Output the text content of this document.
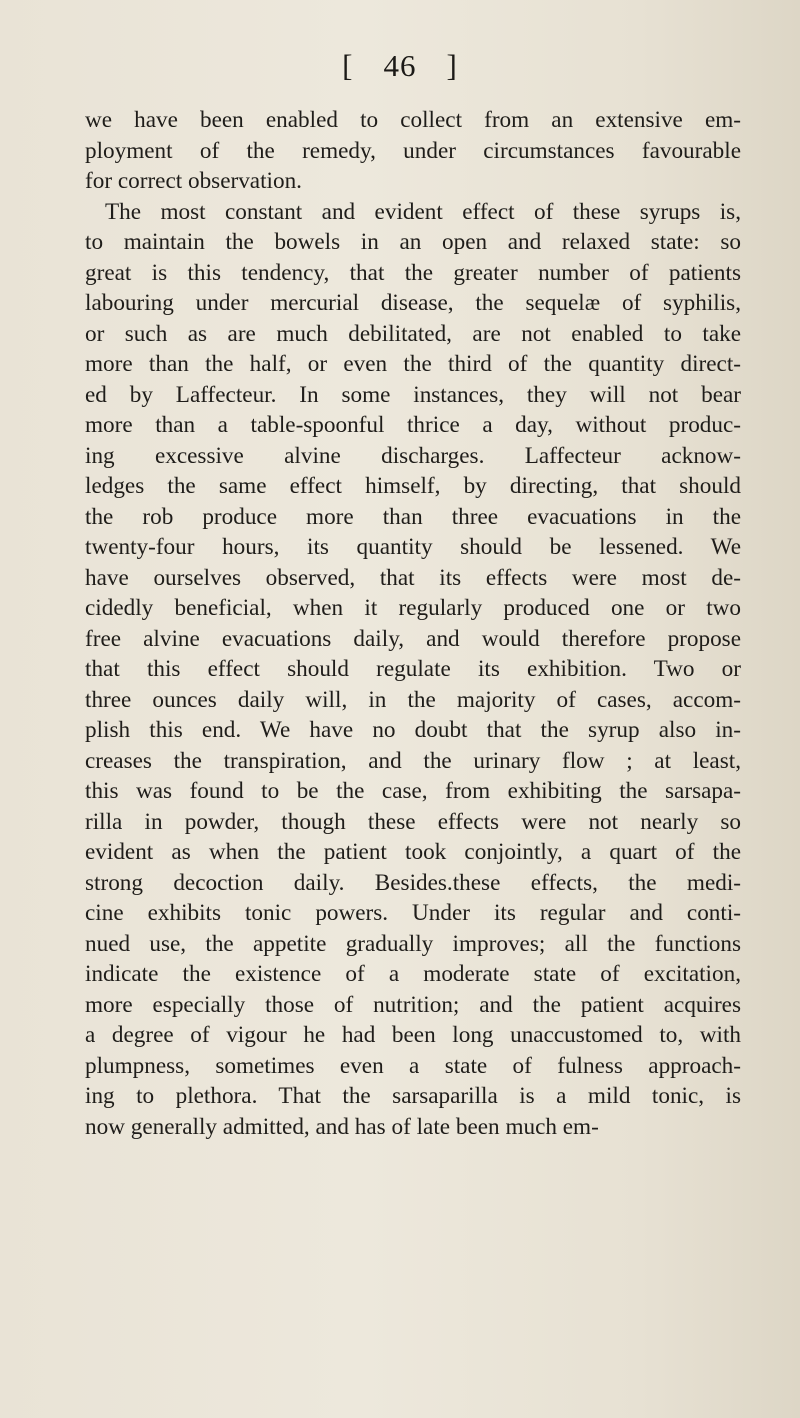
[ 46 ]
we have been enabled to collect from an extensive em-
ployment of the remedy, under circumstances favourable
for correct observation.
The most constant and evident effect of these syrups is,
to maintain the bowels in an open and relaxed state: so
great is this tendency, that the greater number of patients
labouring under mercurial disease, the sequelæ of syphilis,
or such as are much debilitated, are not enabled to take
more than the half, or even the third of the quantity direct-
ed by Laffecteur. In some instances, they will not bear
more than a table-spoonful thrice a day, without produc-
ing excessive alvine discharges. Laffecteur acknow-
ledges the same effect himself, by directing, that should
the rob produce more than three evacuations in the
twenty-four hours, its quantity should be lessened. We
have ourselves observed, that its effects were most de-
cidedly beneficial, when it regularly produced one or two
free alvine evacuations daily, and would therefore propose
that this effect should regulate its exhibition. Two or
three ounces daily will, in the majority of cases, accom-
plish this end. We have no doubt that the syrup also in-
creases the transpiration, and the urinary flow ; at least,
this was found to be the case, from exhibiting the sarsapa-
rilla in powder, though these effects were not nearly so
evident as when the patient took conjointly, a quart of the
strong decoction daily. Besides.these effects, the medi-
cine exhibits tonic powers. Under its regular and conti-
nued use, the appetite gradually improves; all the functions
indicate the existence of a moderate state of excitation,
more especially those of nutrition; and the patient acquires
a degree of vigour he had been long unaccustomed to, with
plumpness, sometimes even a state of fulness approach-
ing to plethora. That the sarsaparilla is a mild tonic, is
now generally admitted, and has of late been much em-
